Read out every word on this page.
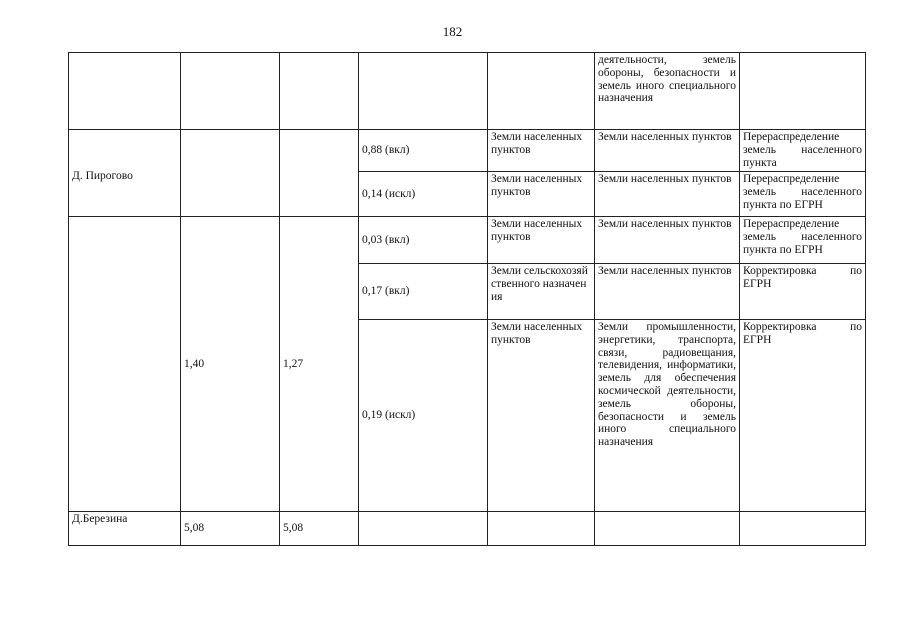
182
					деятельности, земель обороны, безопасности и земель иного специального назначения	

Д. Пирогово			0,88 (вкл)	Земли населенных пунктов	Земли населенных пунктов	Перераспределение земель населенного пункта
			0,14 (искл)	Земли населенных пунктов	Земли населенных пунктов	Перераспределение земель населенного пункта по ЕГРН
	1,40	1,27	0,03 (вкл)	Земли населенных пунктов	Земли населенных пунктов	Перераспределение земель населенного пункта по ЕГРН
			0,17 (вкл)	Земли сельскохозяйственного назначения	Земли населенных пунктов	Корректировка по ЕГРН
			0,19 (искл)	Земли населенных пунктов	Земли промышленности, энергетики, транспорта, связи, радиовещания, телевидения, информатики, земель для обеспечения космической деятельности, земель обороны, безопасности и земель иного специального назначения	Корректировка по ЕГРН
Д.Березина	5,08	5,08				
